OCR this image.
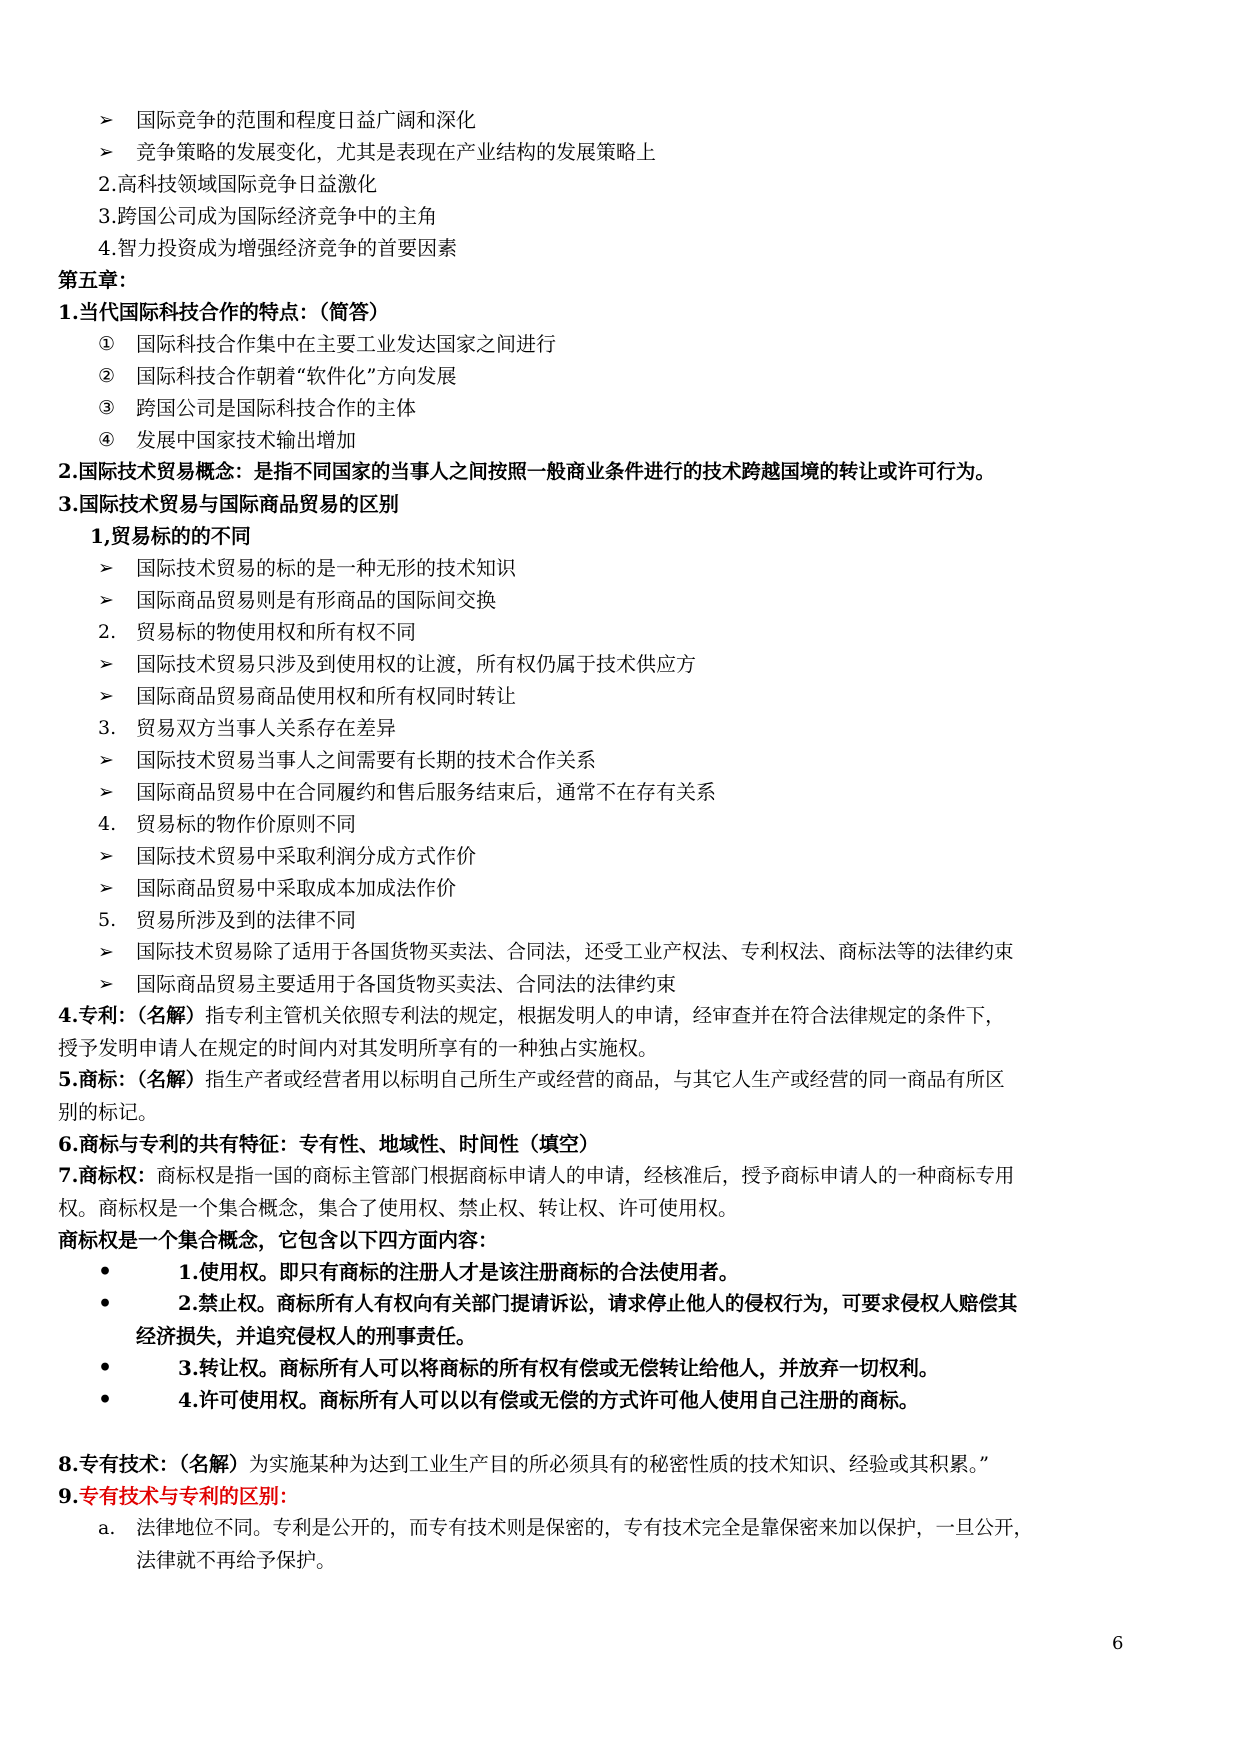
➢	国际竞争的范围和程度日益广阔和深化
➢	竞争策略的发展变化，尤其是表现在产业结构的发展策略上
2.高科技领域国际竞争日益激化
3.跨国公司成为国际经济竞争中的主角
4.智力投资成为增强经济竞争的首要因素
第五章：
1.当代国际科技合作的特点：（简答）
①	国际科技合作集中在主要工业发达国家之间进行
②	国际科技合作朝着“软件化”方向发展
③	跨国公司是国际科技合作的主体
④	发展中国家技术输出增加
2.国际技术贸易概念：是指不同国家的当事人之间按照一般商业条件进行的技术跨越国境的转让或许可行为。
3.国际技术贸易与国际商品贸易的区别
1,贸易标的的不同
➢	国际技术贸易的标的是一种无形的技术知识
➢	国际商品贸易则是有形商品的国际间交换
2. 贸易标的物使用权和所有权不同
➢	国际技术贸易只涉及到使用权的让渡，所有权仍属于技术供应方
➢	国际商品贸易商品使用权和所有权同时转让
3. 贸易双方当事人关系存在差异
➢	国际技术贸易当事人之间需要有长期的技术合作关系
➢	国际商品贸易中在合同履约和售后服务结束后，通常不在存有关系
4. 贸易标的物作价原则不同
➢	国际技术贸易中采取利润分成方式作价
➢	国际商品贸易中采取成本加成法作价
5. 贸易所涉及到的法律不同
➢	国际技术贸易除了适用于各国货物买卖法、合同法，还受工业产权法、专利权法、商标法等的法律约束
➢	国际商品贸易主要适用于各国货物买卖法、合同法的法律约束
4.专利：（名解）指专利主管机关依照专利法的规定，根据发明人的申请，经审查并在符合法律规定的条件下，
授予发明申请人在规定的时间内对其发明所享有的一种独占实施权。
5.商标：（名解）指生产者或经营者用以标明自己所生产或经营的商品，与其它人生产或经营的同一商品有所区
别的标记。
6.商标与专利的共有特征：专有性、地域性、时间性（填空）
7.商标权：商标权是指一国的商标主管部门根据商标申请人的申请，经核准后，授予商标申请人的一种商标专用
权。商标权是一个集合概念，集合了使用权、禁止权、转让权、许可使用权。
商标权是一个集合概念，它包含以下四方面内容：
•	1.使用权。即只有商标的注册人才是该注册商标的合法使用者。
•	2.禁止权。商标所有人有权向有关部门提请诉讼，请求停止他人的侵权行为，可要求侵权人赔偿其
经济损失，并追究侵权人的刑事责任。
•	3.转让权。商标所有人可以将商标的所有权有偿或无偿转让给他人，并放弃一切权利。
•	4.许可使用权。商标所有人可以以有偿或无偿的方式许可他人使用自己注册的商标。
8.专有技术：（名解）为实施某种为达到工业生产目的所必须具有的秘密性质的技术知识、经验或其积累。”
9.专有技术与专利的区别：
a.	法律地位不同。专利是公开的，而专有技术则是保密的，专有技术完全是靠保密来加以保护，一旦公开，
法律就不再给予保护。
6
